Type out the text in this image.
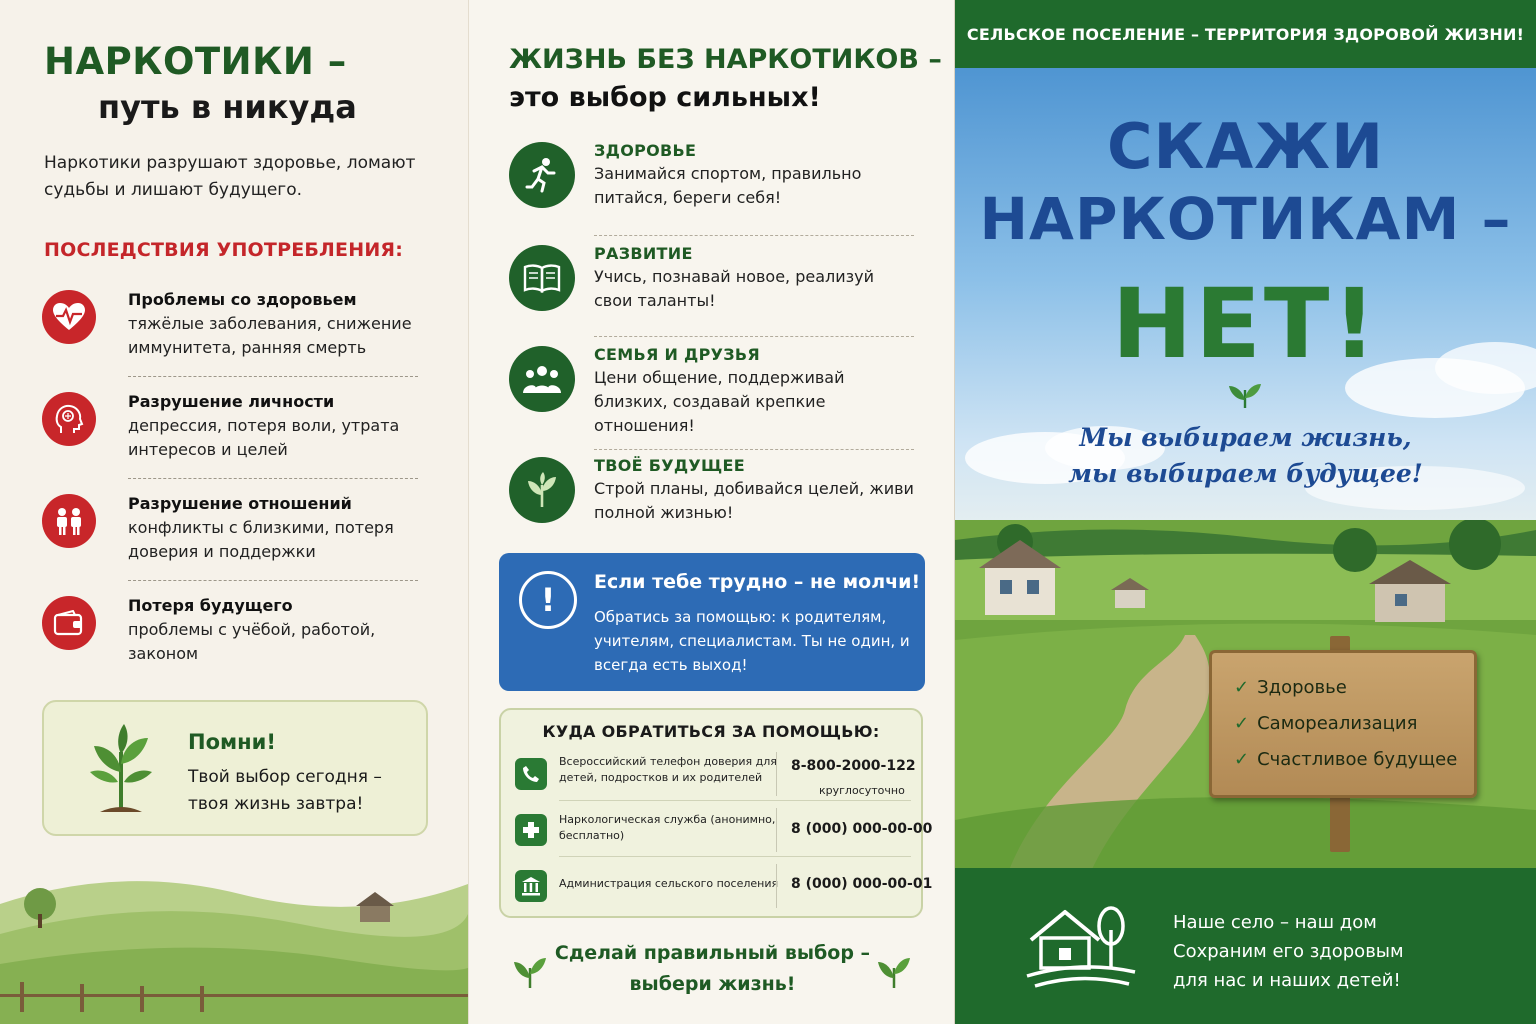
НАРКОТИКИ –
путь в никуда
Наркотики разрушают здоровье, ломают судьбы и лишают будущего.
ПОСЛЕДСТВИЯ УПОТРЕБЛЕНИЯ:
Проблемы со здоровьем
тяжёлые заболевания, снижение иммунитета, ранняя смерть
Разрушение личности
депрессия, потеря воли, утрата интересов и целей
Разрушение отношений
конфликты с близкими, потеря доверия и поддержки
Потеря будущего
проблемы с учёбой, работой, законом
Помни!
Твой выбор сегодня – твоя жизнь завтра!
ЖИЗНЬ БЕЗ НАРКОТИКОВ –
это выбор сильных!
ЗДОРОВЬЕ
Занимайся спортом, правильно питайся, береги себя!
РАЗВИТИЕ
Учись, познавай новое, реализуй свои таланты!
СЕМЬЯ И ДРУЗЬЯ
Цени общение, поддерживай близких, создавай крепкие отношения!
ТВОЁ БУДУЩЕЕ
Строй планы, добивайся целей, живи полной жизнью!
!	Если тебе трудно – не молчи!
Обратись за помощью: к родителям, учителям, специалистам. Ты не один, и всегда есть выход!
КУДА ОБРАТИТЬСЯ ЗА ПОМОЩЬЮ:
Всероссийский телефон доверия для детей, подростков и их родителей
8-800-2000-122
круглосуточно
Наркологическая служба (анонимно, бесплатно)	8 (000) 000-00-00
Администрация сельского поселения 8 (000) 000-00-01
Сделай правильный выбор –
выбери жизнь!
СЕЛЬСКОЕ ПОСЕЛЕНИЕ – ТЕРРИТОРИЯ ЗДОРОВОЙ ЖИЗНИ!
СКАЖИ
НАРКОТИКАМ –
НЕТ!
Мы выбираем жизнь,
мы выбираем будущее!
✓ Здоровье
✓ Самореализация
✓ Счастливое будущее
Наше село – наш дом
Сохраним его здоровым
для нас и наших детей!
